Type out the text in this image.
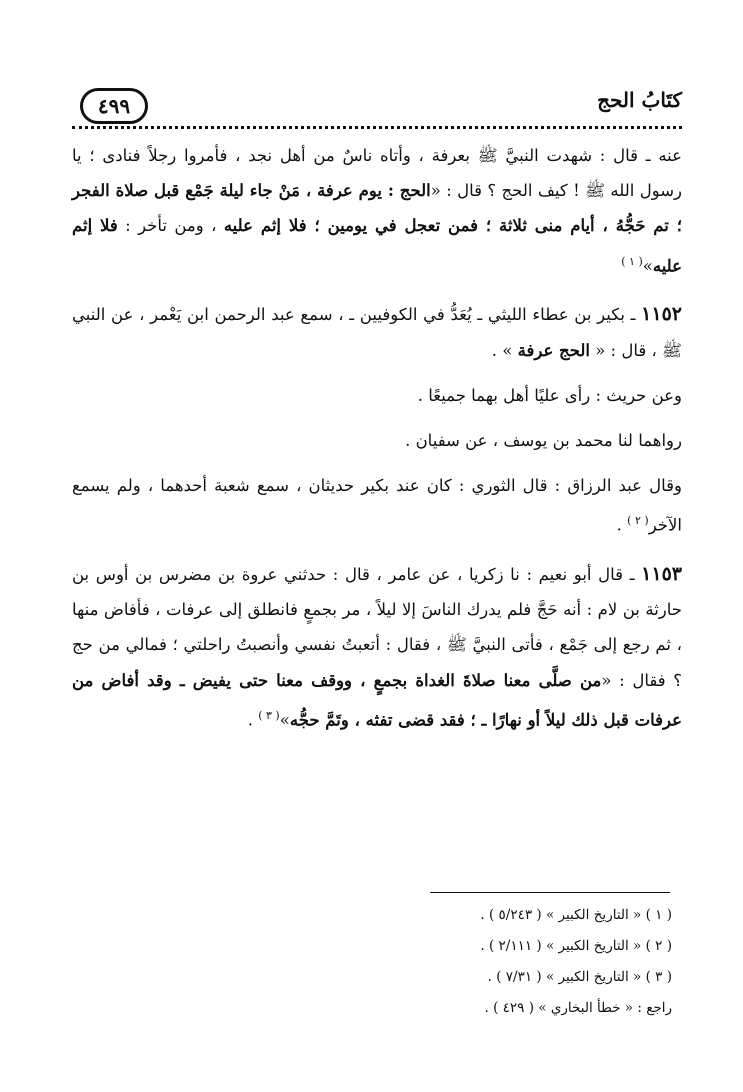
٤٩٩	كتَابُ الحج

عنه ـ قال : شهدت النبيَّ ﷺ بعرفة ، وأتاه ناسٌ من أهل نجد ، فأمروا رجلاً فنادى ؛ يا رسول الله ﷺ ! كيف الحج ؟ قال : «الحج : يوم عرفة ، مَنْ جاء ليلة جَمْع قبل صلاة الفجر ؛ تم حَجُّهُ ، أيام منى ثلاثة ؛ فمن تعجل في يومين ؛ فلا إثم عليه ، ومن تأخر : فلا إثم عليه»$^{( ١ )}$

١١٥٢ ـ بكير بن عطاء الليثي ـ يُعَدُّ في الكوفيين ـ ، سمع عبد الرحمن ابن يَعْمر ، عن النبي ﷺ ، قال : « الحج عرفة » .

وعن حريث : رأى عليًا أهل بهما جميعًا .

رواهما لنا محمد بن يوسف ، عن سفيان .

وقال عبد الرزاق : قال الثوري : كان عند بكير حديثان ، سمع شعبة أحدهما ، ولم يسمع الآخر$^{( ٢ )}$ .

١١٥٣ ـ قال أبو نعيم : نا زكريا ، عن عامر ، قال : حدثني عروة بن مضرس بن أوس بن حارثة بن لام : أنه حَجَّ فلم يدرك الناسَ إلا ليلاً ، مر بجمعٍ فانطلق إلى عرفات ، فأفاض منها ، ثم رجع إلى جَمْع ، فأتى النبيَّ ﷺ ، فقال : أتعبتُ نفسي وأنصبتُ راحلتي ؛ فمالي من حج ؟ فقال : «من صلَّى معنا صلاةَ الغداة بجمعٍ ، ووقف معنا حتى يفيض ـ وقد أفاض من عرفات قبل ذلك ليلاً أو نهارًا ـ ؛ فقد قضى تفثه ، وتَمَّ حجُّه»$^{( ٣ )}$ .

( ١ ) « التاريخ الكبير » ( ٥/٢٤٣ ) .

( ٢ ) « التاريخ الكبير » ( ٢/١١١ ) .

( ٣ ) « التاريخ الكبير » ( ٧/٣١ ) .

راجع : « خطأ البخاري » ( ٤٢٩ ) .
